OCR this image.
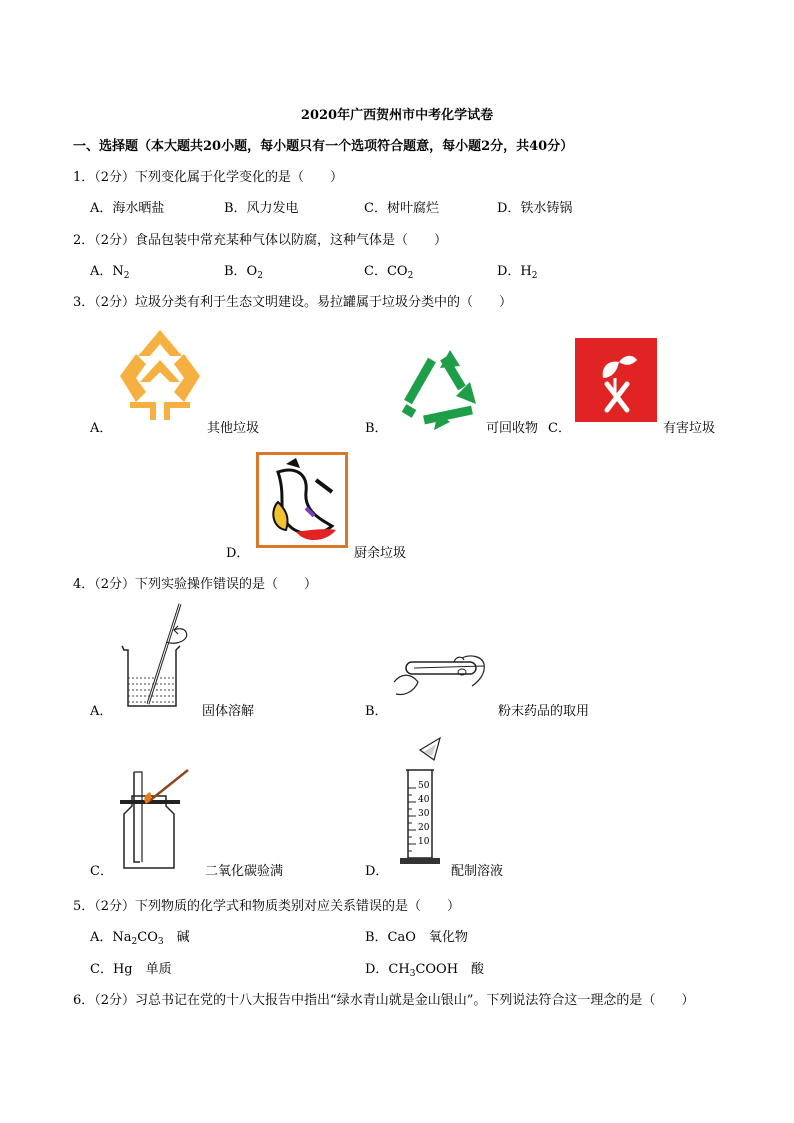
2020年广西贺州市中考化学试卷
一、选择题（本大题共20小题，每小题只有一个选项符合题意，每小题2分，共40分）
1．（2分）下列变化属于化学变化的是（　　）
A．海水晒盐	B．风力发电	C．树叶腐烂	D．铁水铸锅
2．（2分）食品包装中常充某种气体以防腐，这种气体是（　　）
A．$N_2$	B．$O_2$	C．$CO_2$	D．$H_2$
3．（2分）垃圾分类有利于生态文明建设。易拉罐属于垃圾分类中的（　　）
A．	其他垃圾	B．	可回收物 C．	有害垃圾
D．	厨余垃圾
4．（2分）下列实验操作错误的是（　　）
A．	固体溶解	B．	粉末药品的取用
C．	二氧化碳验满
50
40
30
20
10
D．	配制溶液
5．（2分）下列物质的化学式和物质类别对应关系错误的是（　　）
A．$Na_2CO_3$　碱	B．CaO　氧化物
C．Hg　单质	D．$CH_3COOH$　酸
6．（2分）习总书记在党的十八大报告中指出“绿水青山就是金山银山”。下列说法符合这一理念的是（　　）
